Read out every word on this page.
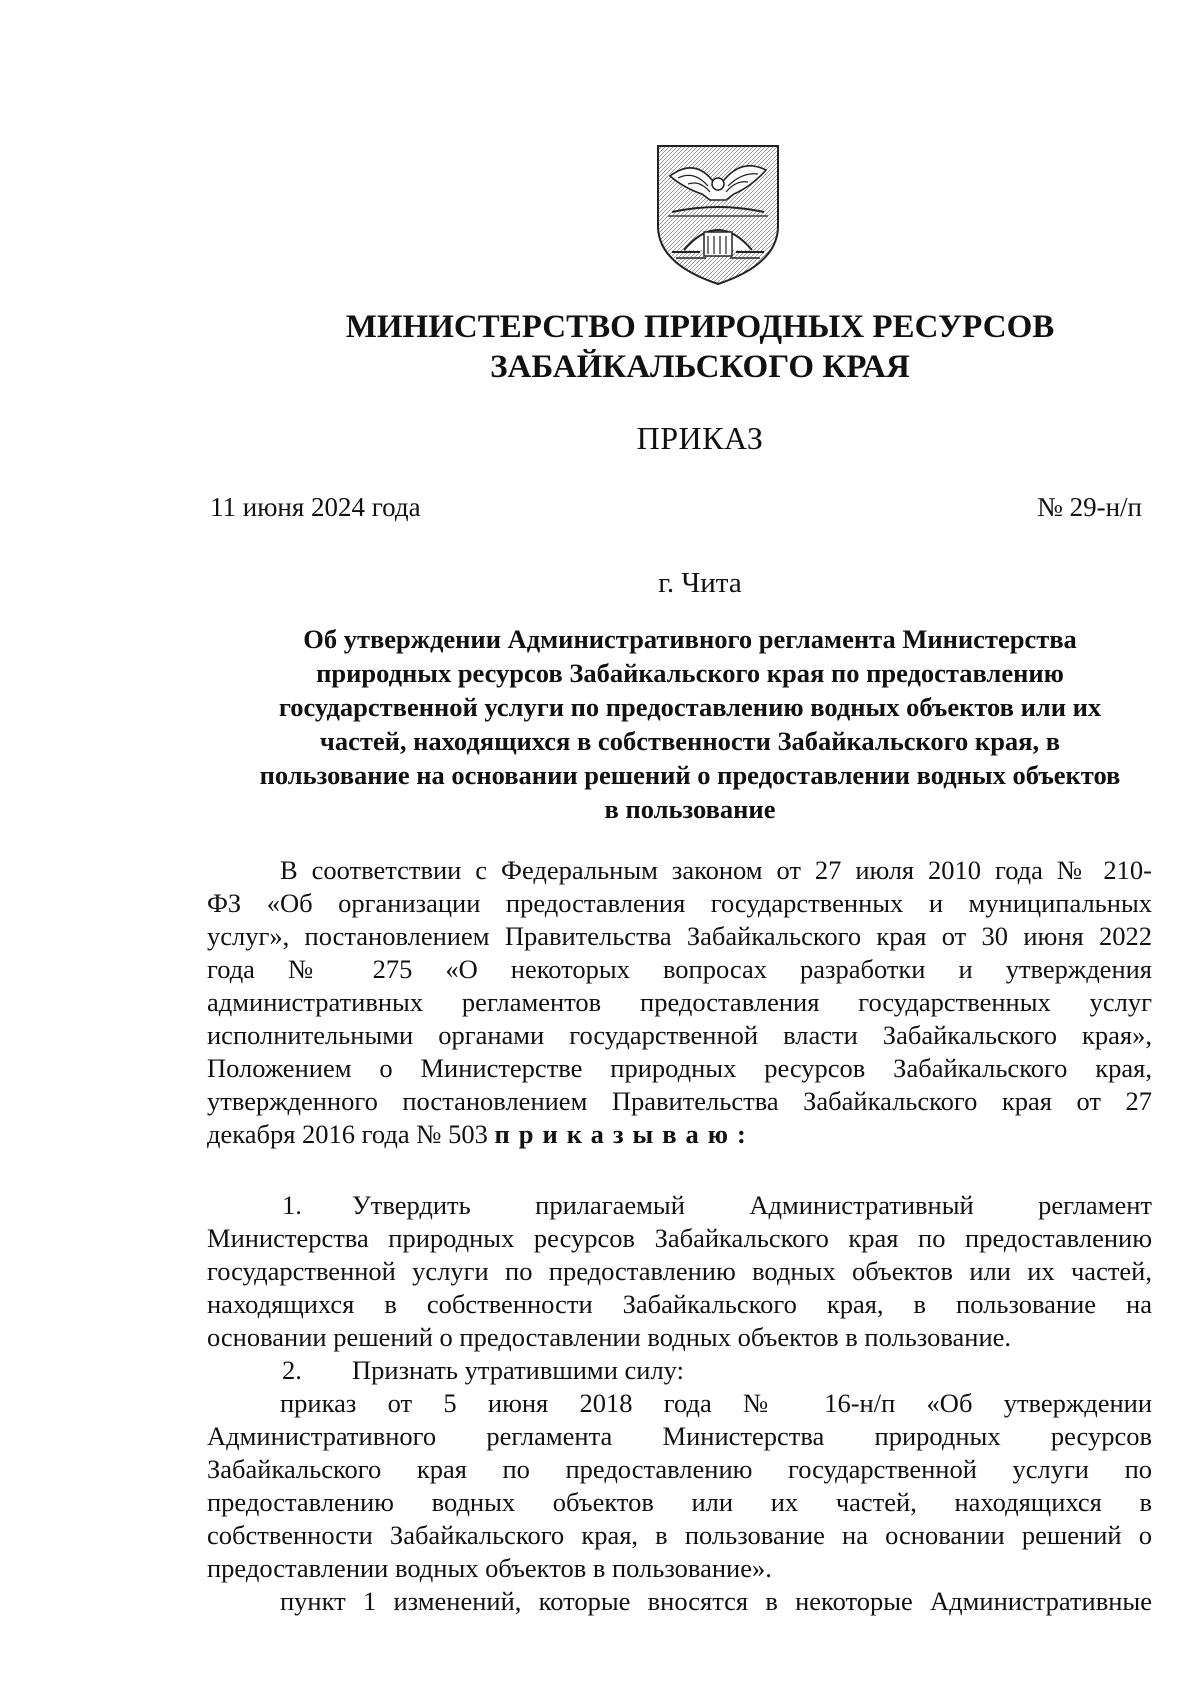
МИНИСТЕРСТВО ПРИРОДНЫХ РЕСУРСОВ
ЗАБАЙКАЛЬСКОГО КРАЯ
ПРИКАЗ
11 июня 2024 года	№ 29-н/п
г. Чита
Об утверждении Административного регламента Министерства
природных ресурсов Забайкальского края по предоставлению
государственной услуги по предоставлению водных объектов или их
частей, находящихся в собственности Забайкальского края, в
пользование на основании решений о предоставлении водных объектов
в пользование
В соответствии с Федеральным законом от 27 июля 2010 года № 210-
ФЗ «Об организации предоставления государственных и муниципальных
услуг», постановлением Правительства Забайкальского края от 30 июня 2022
года № 275 «О некоторых вопросах разработки и утверждения
административных регламентов предоставления государственных услуг
исполнительными органами государственной власти Забайкальского края»,
Положением о Министерстве природных ресурсов Забайкальского края,
утвержденного постановлением Правительства Забайкальского края от 27
декабря 2016 года № 503 приказываю:
1. Утвердить прилагаемый Административный регламент
Министерства природных ресурсов Забайкальского края по предоставлению
государственной услуги по предоставлению водных объектов или их частей,
находящихся в собственности Забайкальского края, в пользование на
основании решений о предоставлении водных объектов в пользование.
2. Признать утратившими силу:
приказ от 5 июня 2018 года № 16-н/п «Об утверждении
Административного регламента Министерства природных ресурсов
Забайкальского края по предоставлению государственной услуги по
предоставлению водных объектов или их частей, находящихся в
собственности Забайкальского края, в пользование на основании решений о
предоставлении водных объектов в пользование».
пункт 1 изменений, которые вносятся в некоторые Административные
